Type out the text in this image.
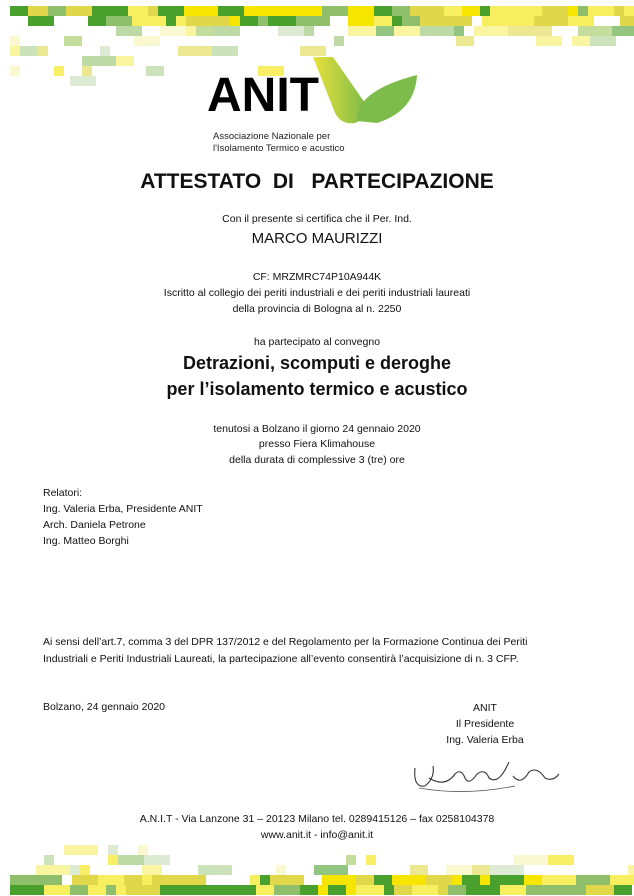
ANIT
Associazione Nazionale per
l'Isolamento Termico e acustico
ATTESTATO  DI   PARTECIPAZIONE
Con il presente si certifica che il Per. Ind.
MARCO MAURIZZI
CF: MRZMRC74P10A944K
Iscritto al collegio dei periti industriali e dei periti industriali laureati
della provincia di Bologna al n. 2250
ha partecipato al convegno
Detrazioni, scomputi e deroghe
per l’isolamento termico e acustico
tenutosi a Bolzano il giorno 24 gennaio 2020
presso Fiera Klimahouse
della durata di complessive 3 (tre) ore
Relatori:
Ing. Valeria Erba, Presidente ANIT
Arch. Daniela Petrone
Ing. Matteo Borghi
Ai sensi dell’art.7, comma 3 del DPR 137/2012 e del Regolamento per la Formazione Continua dei Periti
Industriali e Periti Industriali Laureati, la partecipazione all’evento consentirà l’acquisizione di n. 3 CFP.
Bolzano, 24 gennaio 2020	ANIT
Il Presidente
Ing. Valeria Erba
A.N.I.T - Via Lanzone 31 – 20123 Milano tel. 0289415126 – fax 0258104378
www.anit.it - info@anit.it
